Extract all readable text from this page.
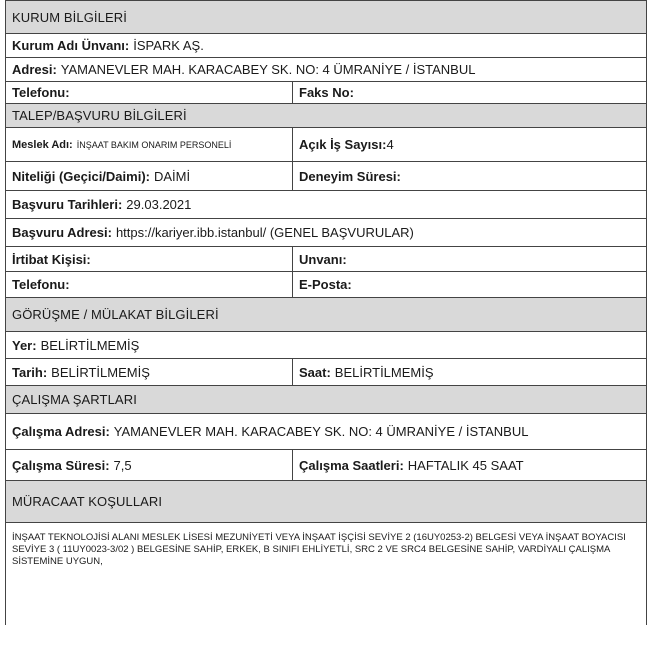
KURUM BİLGİLERİ
Kurum Adı Ünvanı: İSPARK AŞ.
Adresi: YAMANEVLER MAH. KARACABEY SK. NO: 4 ÜMRANİYE / İSTANBUL
Telefonu:	Faks No:
TALEP/BAŞVURU BİLGİLERİ
Meslek Adı: İNŞAAT BAKIM ONARIM PERSONELİ	Açık İş Sayısı: 4
Niteliği (Geçici/Daimi): DAİMİ	Deneyim Süresi:
Başvuru Tarihleri: 29.03.2021
Başvuru Adresi: https://kariyer.ibb.istanbul/ (GENEL BAŞVURULAR)
İrtibat Kişisi:	Unvanı:
Telefonu:	E-Posta:
GÖRÜŞME / MÜLAKAT BİLGİLERİ
Yer: BELİRTİLMEMİŞ
Tarih: BELİRTİLMEMİŞ	Saat: BELİRTİLMEMİŞ
ÇALIŞMA ŞARTLARI
Çalışma Adresi: YAMANEVLER MAH. KARACABEY SK. NO: 4 ÜMRANİYE / İSTANBUL
Çalışma Süresi: 7,5	Çalışma Saatleri: HAFTALIK 45 SAAT
MÜRACAAT KOŞULLARI
İNŞAAT TEKNOLOJİSİ ALANI MESLEK LİSESİ MEZUNİYETİ VEYA İNŞAAT İŞÇİSİ SEVİYE 2 (16UY0253-2) BELGESİ VEYA İNŞAAT BOYACISI SEVİYE 3 ( 11UY0023-3/02 ) BELGESİNE SAHİP, ERKEK, B SINIFI EHLİYETLİ, SRC 2 VE SRC4 BELGESİNE SAHİP, VARDİYALI ÇALIŞMA SİSTEMİNE UYGUN,
